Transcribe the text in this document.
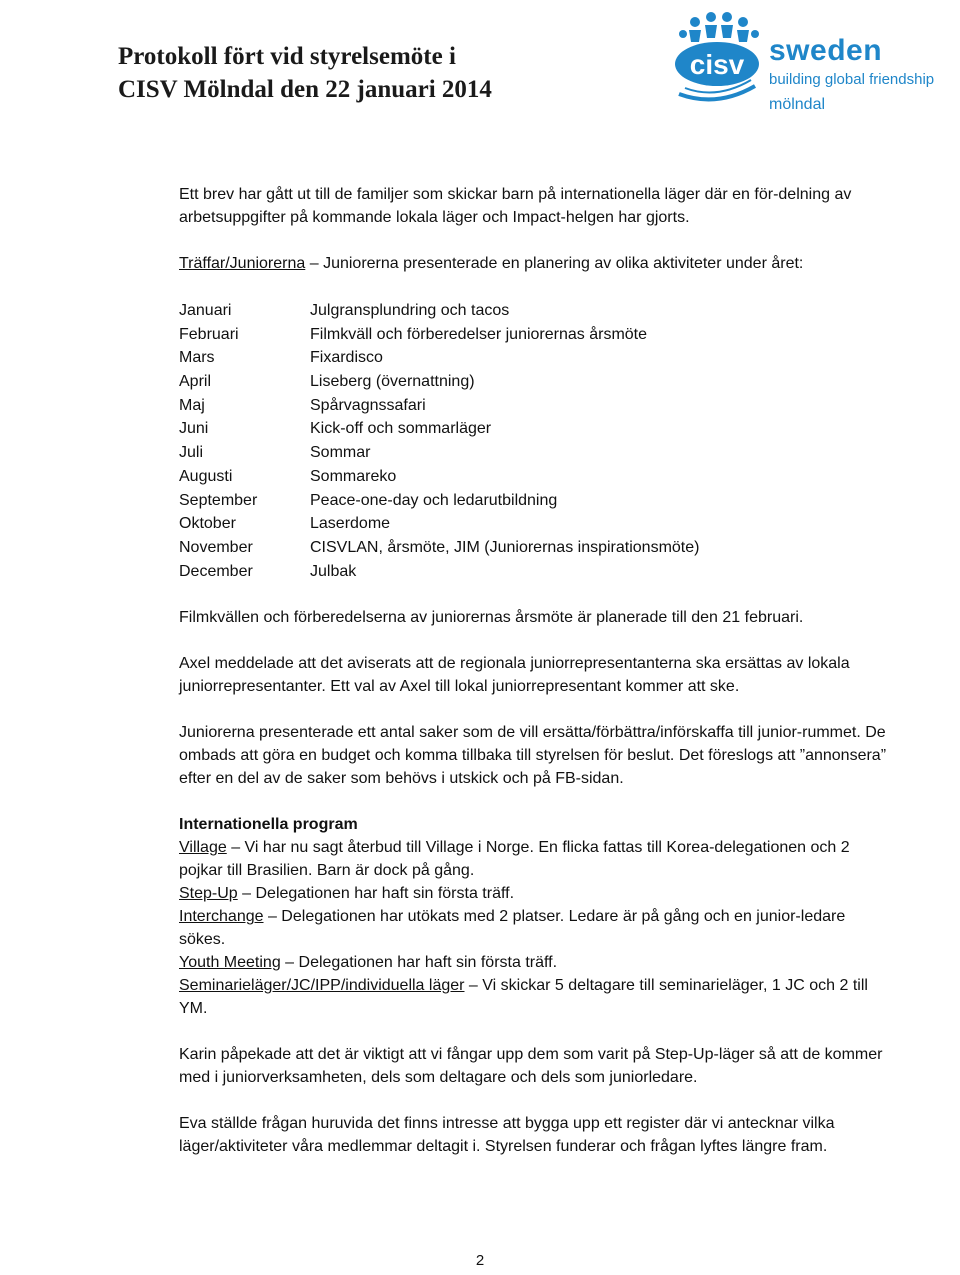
Protokoll fört vid styrelsemöte i
CISV Mölndal den 22 januari 2014
cisv sweden
building global friendship
mölndal

Ett brev har gått ut till de familjer som skickar barn på internationella läger där en för-delning av arbetsuppgifter på kommande lokala läger och Impact-helgen har gjorts.

Träffar/Juniorerna – Juniorerna presenterade en planering av olika aktiviteter under året:

Januari	Julgransplundring och tacos
Februari	Filmkväll och förberedelser juniorernas årsmöte
Mars	Fixardisco
April	Liseberg (övernattning)
Maj	Spårvagnssafari
Juni	Kick-off och sommarläger
Juli	Sommar
Augusti	Sommareko
September	Peace-one-day och ledarutbildning
Oktober	Laserdome
November	CISVLAN, årsmöte, JIM (Juniorernas inspirationsmöte)
December	Julbak

Filmkvällen och förberedelserna av juniorernas årsmöte är planerade till den 21 februari.

Axel meddelade att det aviserats att de regionala juniorrepresentanterna ska ersättas av lokala juniorrepresentanter. Ett val av Axel till lokal juniorrepresentant kommer att ske.

Juniorerna presenterade ett antal saker som de vill ersätta/förbättra/införskaffa till junior-rummet. De ombads att göra en budget och komma tillbaka till styrelsen för beslut. Det föreslogs att ”annonsera” efter en del av de saker som behövs i utskick och på FB-sidan.

Internationella program

Village – Vi har nu sagt återbud till Village i Norge. En flicka fattas till Korea-delegationen och 2 pojkar till Brasilien. Barn är dock på gång.

Step-Up – Delegationen har haft sin första träff.

Interchange – Delegationen har utökats med 2 platser. Ledare är på gång och en junior-ledare sökes.

Youth Meeting – Delegationen har haft sin första träff.

Seminarieläger/JC/IPP/individuella läger – Vi skickar 5 deltagare till seminarieläger, 1 JC och 2 till YM.

Karin påpekade att det är viktigt att vi fångar upp dem som varit på Step-Up-läger så att de kommer med i juniorverksamheten, dels som deltagare och dels som juniorledare.

Eva ställde frågan huruvida det finns intresse att bygga upp ett register där vi antecknar vilka läger/aktiviteter våra medlemmar deltagit i. Styrelsen funderar och frågan lyftes längre fram.

2
